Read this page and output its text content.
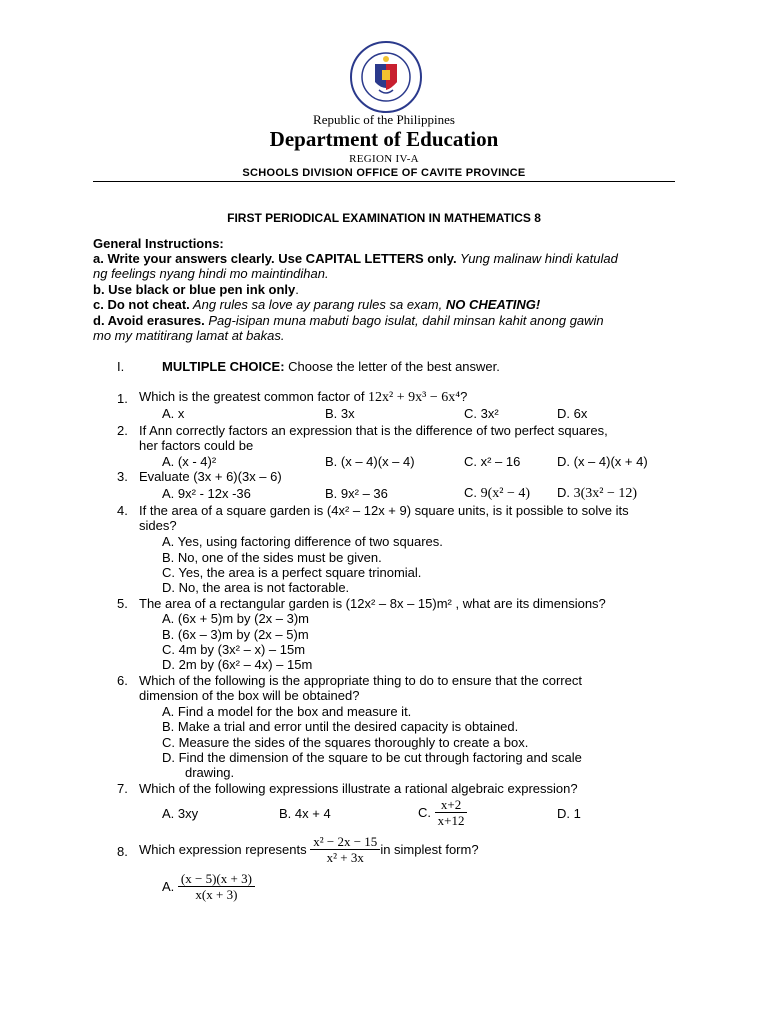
Republic of the Philippines
Department of Education
REGION IV-A
SCHOOLS DIVISION OFFICE OF CAVITE PROVINCE
FIRST PERIODICAL EXAMINATION IN MATHEMATICS 8
General Instructions:
a. Write your answers clearly. Use CAPITAL LETTERS only. Yung malinaw hindi katulad
ng feelings nyang hindi mo maintindihan.
b. Use black or blue pen ink only.
c. Do not cheat. Ang rules sa love ay parang rules sa exam, NO CHEATING!
d. Avoid erasures. Pag-isipan muna mabuti bago isulat, dahil minsan kahit anong gawin
mo my matitirang lamat at bakas.
I.	MULTIPLE CHOICE: Choose the letter of the best answer.
1. Which is the greatest common factor of 12x² + 9x³ − 6x⁴?
A. x	B. 3x	C. 3x²	D. 6x
2. If Ann correctly factors an expression that is the difference of two perfect squares,
her factors could be
A. (x - 4)²	B. (x – 4)(x – 4)	C. x² – 16	D. (x – 4)(x + 4)
3. Evaluate (3x + 6)(3x – 6)
A. 9x² - 12x -36	B. 9x² – 36	C. 9(x² − 4) D. 3(3x² − 12)
4. If the area of a square garden is (4x² – 12x + 9) square units, is it possible to solve its
sides?
A. Yes, using factoring difference of two squares.
B. No, one of the sides must be given.
C. Yes, the area is a perfect square trinomial.
D. No, the area is not factorable.
5. The area of a rectangular garden is (12x² – 8x – 15)m² , what are its dimensions?
A. (6x + 5)m by (2x – 3)m
B. (6x – 3)m by (2x – 5)m
C. 4m by (3x² – x) – 15m
D. 2m by (6x² – 4x) – 15m
6. Which of the following is the appropriate thing to do to ensure that the correct
dimension of the box will be obtained?
A. Find a model for the box and measure it.
B. Make a trial and error until the desired capacity is obtained.
C. Measure the sides of the squares thoroughly to create a box.
D. Find the dimension of the square to be cut through factoring and scale
drawing.
7. Which of the following expressions illustrate a rational algebraic expression?
A. 3xy	B. 4x + 4	C. $\frac{x+2}{x+12}$	D. 1
8. Which expression represents $\frac{\text{x² − 2x − 15}}{\text{x² + 3x}}$ in simplest form?
A. $\frac{(x - 5)(x + 3)}{x(x + 3)}$
